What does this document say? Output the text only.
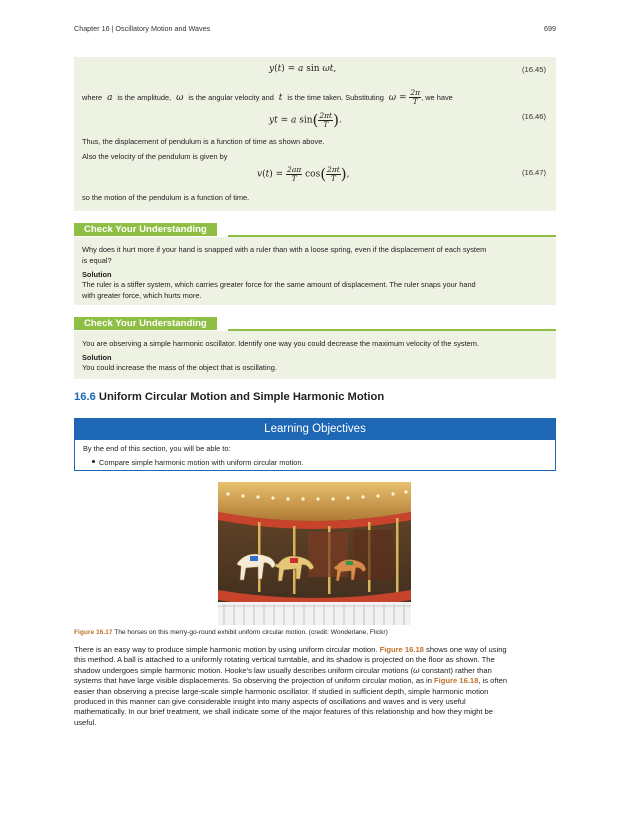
Chapter 16 | Oscillatory Motion and Waves	699
y(t) = a sin ωt,	(16.45)
where  a  is the amplitude,  ω  is the angular velocity and  t  is the time taken. Substituting  $\omega = \frac{2\pi}{T}$ , we have
yt = a $\sin( \frac{2\pi t}{T}$ ).	(16.46)
Thus, the displacement of pendulum is a function of time as shown above.
Also the velocity of the pendulum is given by
$v(t) = \frac{2a\pi}{T} \cos( \frac{2\pi t}{T}$ ),	(16.47)
so the motion of the pendulum is a function of time.
Check Your Understanding
Why does it hurt more if your hand is snapped with a ruler than with a loose spring, even if the displacement of each system
is equal?
Solution
The ruler is a stiffer system, which carries greater force for the same amount of displacement. The ruler snaps your hand
with greater force, which hurts more.
Check Your Understanding
You are observing a simple harmonic oscillator. Identify one way you could decrease the maximum velocity of the system.
Solution
You could increase the mass of the object that is oscillating.
16.6 Uniform Circular Motion and Simple Harmonic Motion
Learning Objectives
By the end of this section, you will be able to:
Compare simple harmonic motion with uniform circular motion.
Figure 16.17 The horses on this merry-go-round exhibit uniform circular motion. (credit: Wonderlane, Flickr)
There is an easy way to produce simple harmonic motion by using uniform circular motion. Figure 16.18 shows one way of using
this method. A ball is attached to a uniformly rotating vertical turntable, and its shadow is projected on the floor as shown. The
shadow undergoes simple harmonic motion. Hooke's law usually describes uniform circular motions (ω constant) rather than
systems that have large visible displacements. So observing the projection of uniform circular motion, as in Figure 16.18, is often
easier than observing a precise large-scale simple harmonic oscillator. If studied in sufficient depth, simple harmonic motion
produced in this manner can give considerable insight into many aspects of oscillations and waves and is very useful
mathematically. In our brief treatment, we shall indicate some of the major features of this relationship and how they might be
useful.
